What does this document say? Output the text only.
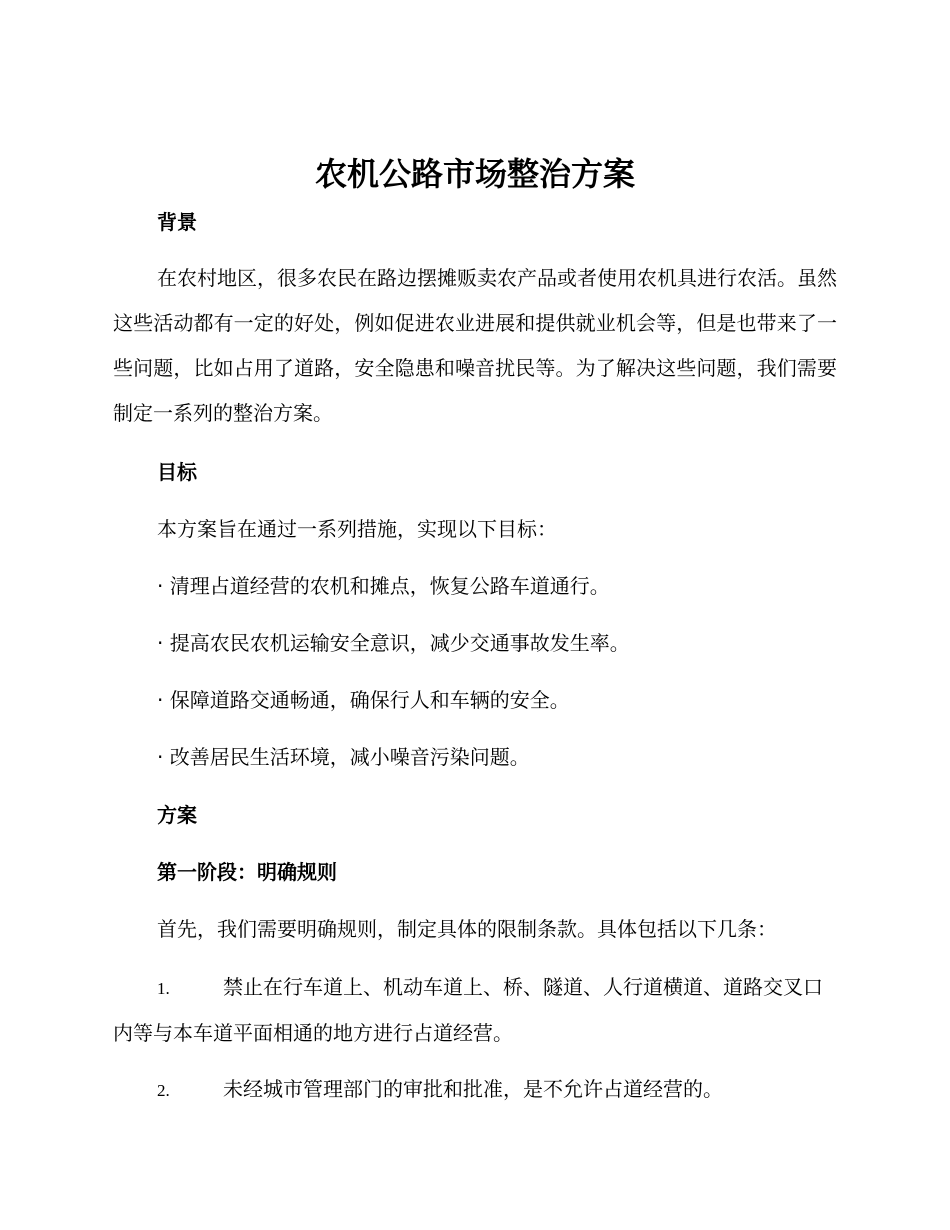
农机公路市场整治方案
背景
在农村地区，很多农民在路边摆摊贩卖农产品或者使用农机具进行农活。虽然这些活动都有一定的好处，例如促进农业进展和提供就业机会等，但是也带来了一些问题，比如占用了道路，安全隐患和噪音扰民等。为了解决这些问题，我们需要制定一系列的整治方案。
目标
本方案旨在通过一系列措施，实现以下目标：
· 清理占道经营的农机和摊点，恢复公路车道通行。
· 提高农民农机运输安全意识，减少交通事故发生率。
· 保障道路交通畅通，确保行人和车辆的安全。
· 改善居民生活环境，减小噪音污染问题。
方案
第一阶段：明确规则
首先，我们需要明确规则，制定具体的限制条款。具体包括以下几条：
1.	禁止在行车道上、机动车道上、桥、隧道、人行道横道、道路交叉口内等与本车道平面相通的地方进行占道经营。
2.	未经城市管理部门的审批和批准，是不允许占道经营的。
